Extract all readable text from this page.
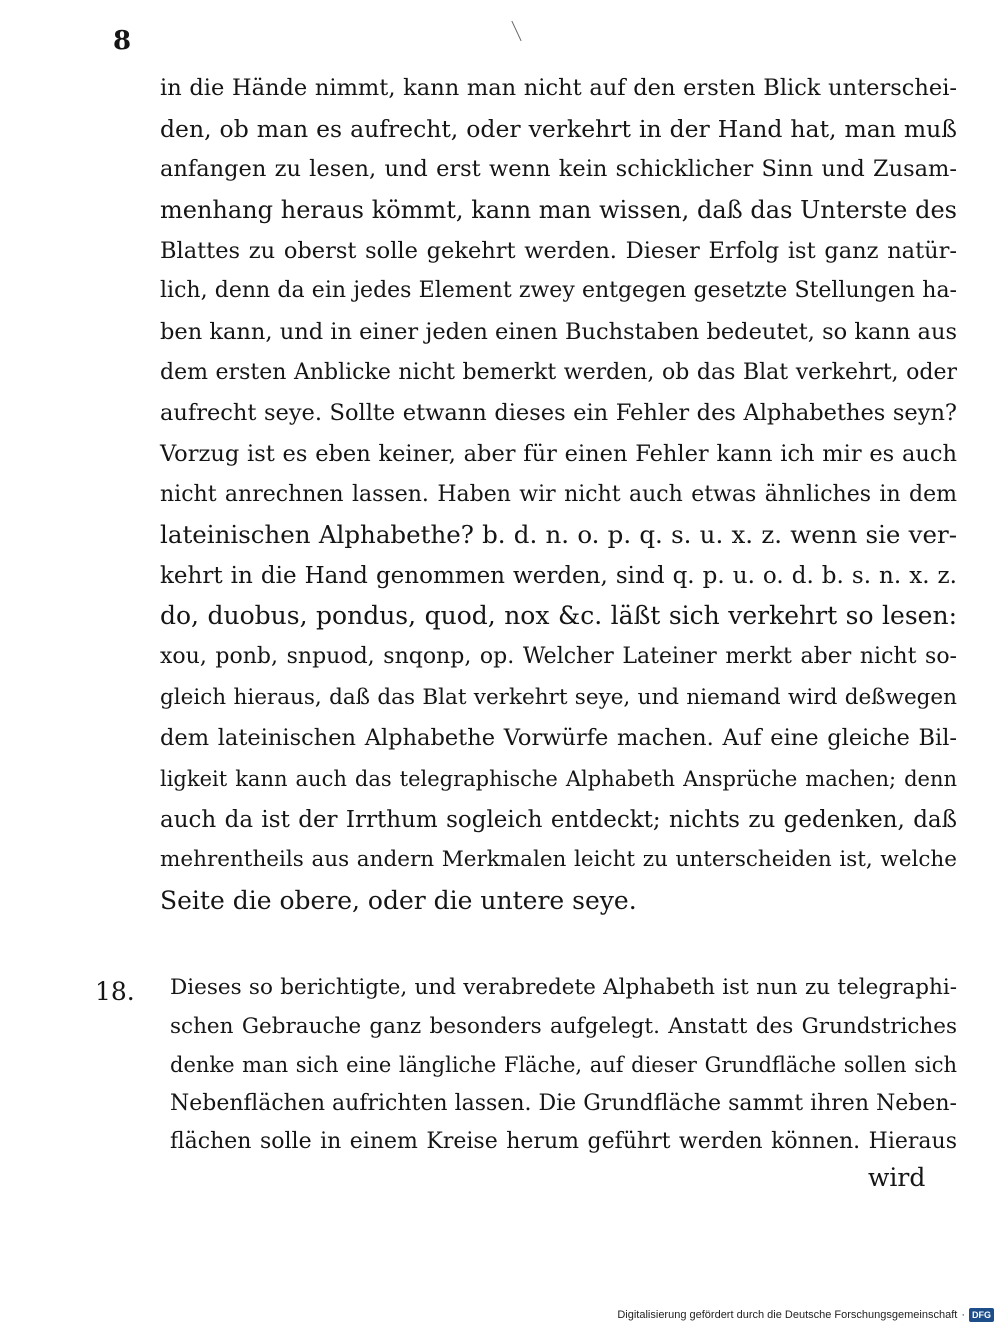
8
in die Hände nimmt, kann man nicht auf den ersten Blick unterschei-
den, ob man es aufrecht, oder verkehrt in der Hand hat, man muß
anfangen zu lesen, und erst wenn kein schicklicher Sinn und Zusam-
menhang heraus kömmt, kann man wissen, daß das Unterste des
Blattes zu oberst solle gekehrt werden. Dieser Erfolg ist ganz natür-
lich, denn da ein jedes Element zwey entgegen gesetzte Stellungen ha-
ben kann, und in einer jeden einen Buchstaben bedeutet, so kann aus
dem ersten Anblicke nicht bemerkt werden, ob das Blat verkehrt, oder
aufrecht seye. Sollte etwann dieses ein Fehler des Alphabethes seyn?
Vorzug ist es eben keiner, aber für einen Fehler kann ich mir es auch
nicht anrechnen lassen. Haben wir nicht auch etwas ähnliches in dem
lateinischen Alphabethe? b. d. n. o. p. q. s. u. x. z. wenn sie ver-
kehrt in die Hand genommen werden, sind q. p. u. o. d. b. s. n. x. z.
do, duobus, pondus, quod, nox &c. läßt sich verkehrt so lesen:
xou, ponb, snpuod, snqonp, op. Welcher Lateiner merkt aber nicht so-
gleich hieraus, daß das Blat verkehrt seye, und niemand wird deßwegen
dem lateinischen Alphabethe Vorwürfe machen. Auf eine gleiche Bil-
ligkeit kann auch das telegraphische Alphabeth Ansprüche machen; denn
auch da ist der Irrthum sogleich entdeckt; nichts zu gedenken, daß
mehrentheils aus andern Merkmalen leicht zu unterscheiden ist, welche
Seite die obere, oder die untere seye.
18. Dieses so berichtigte, und verabredete Alphabeth ist nun zu telegraphi-
schen Gebrauche ganz besonders aufgelegt. Anstatt des Grundstriches
denke man sich eine längliche Fläche, auf dieser Grundfläche sollen sich
Nebenflächen aufrichten lassen. Die Grundfläche sammt ihren Neben-
flächen solle in einem Kreise herum geführt werden können. Hieraus
wird
Digitalisierung gefördert durch die Deutsche Forschungsgemeinschaft · DFG
